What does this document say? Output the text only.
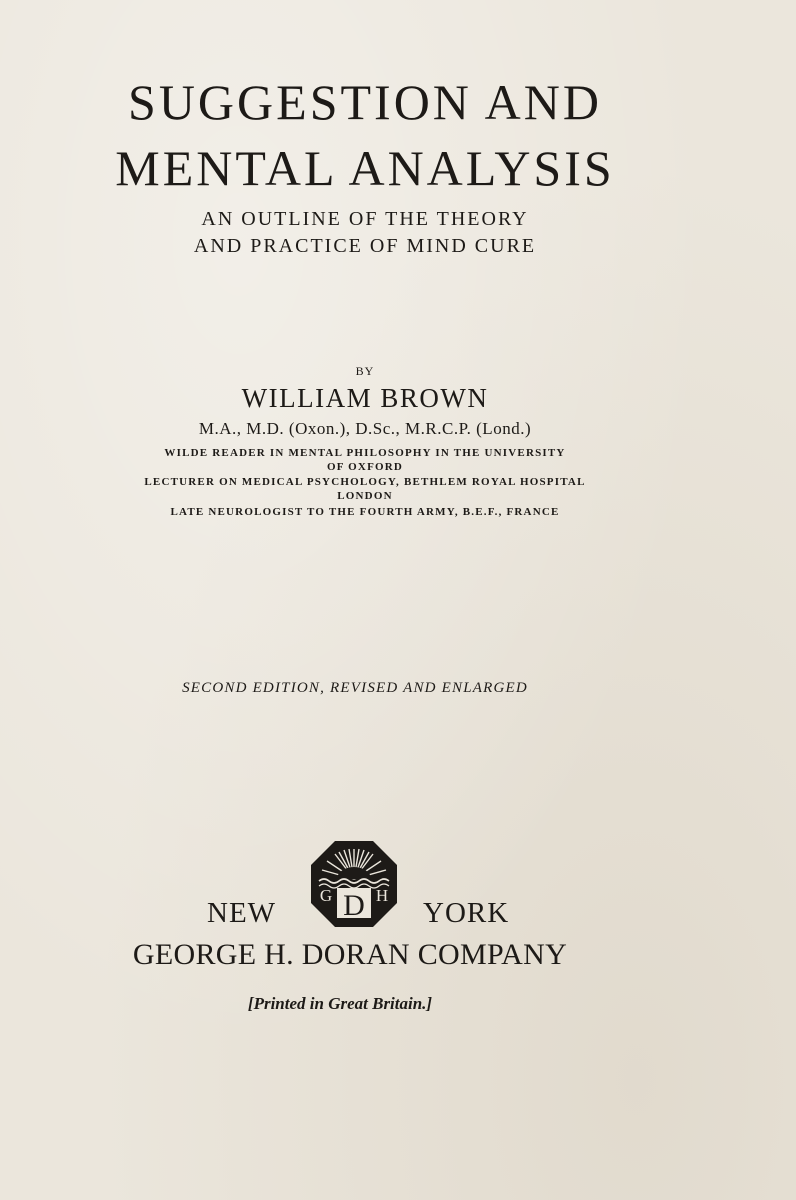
SUGGESTION AND
MENTAL ANALYSIS
AN OUTLINE OF THE THEORY
AND PRACTICE OF MIND CURE
BY
WILLIAM BROWN
M.A., M.D. (Oxon.), D.Sc., M.R.C.P. (Lond.)
WILDE READER IN MENTAL PHILOSOPHY IN THE UNIVERSITY
OF OXFORD
LECTURER ON MEDICAL PSYCHOLOGY, BETHLEM ROYAL HOSPITAL
LONDON
LATE NEUROLOGIST TO THE FOURTH ARMY, B.E.F., FRANCE
SECOND EDITION, REVISED AND ENLARGED
D
G	H
NEW	YORK
GEORGE H. DORAN COMPANY
[Printed in Great Britain.]
